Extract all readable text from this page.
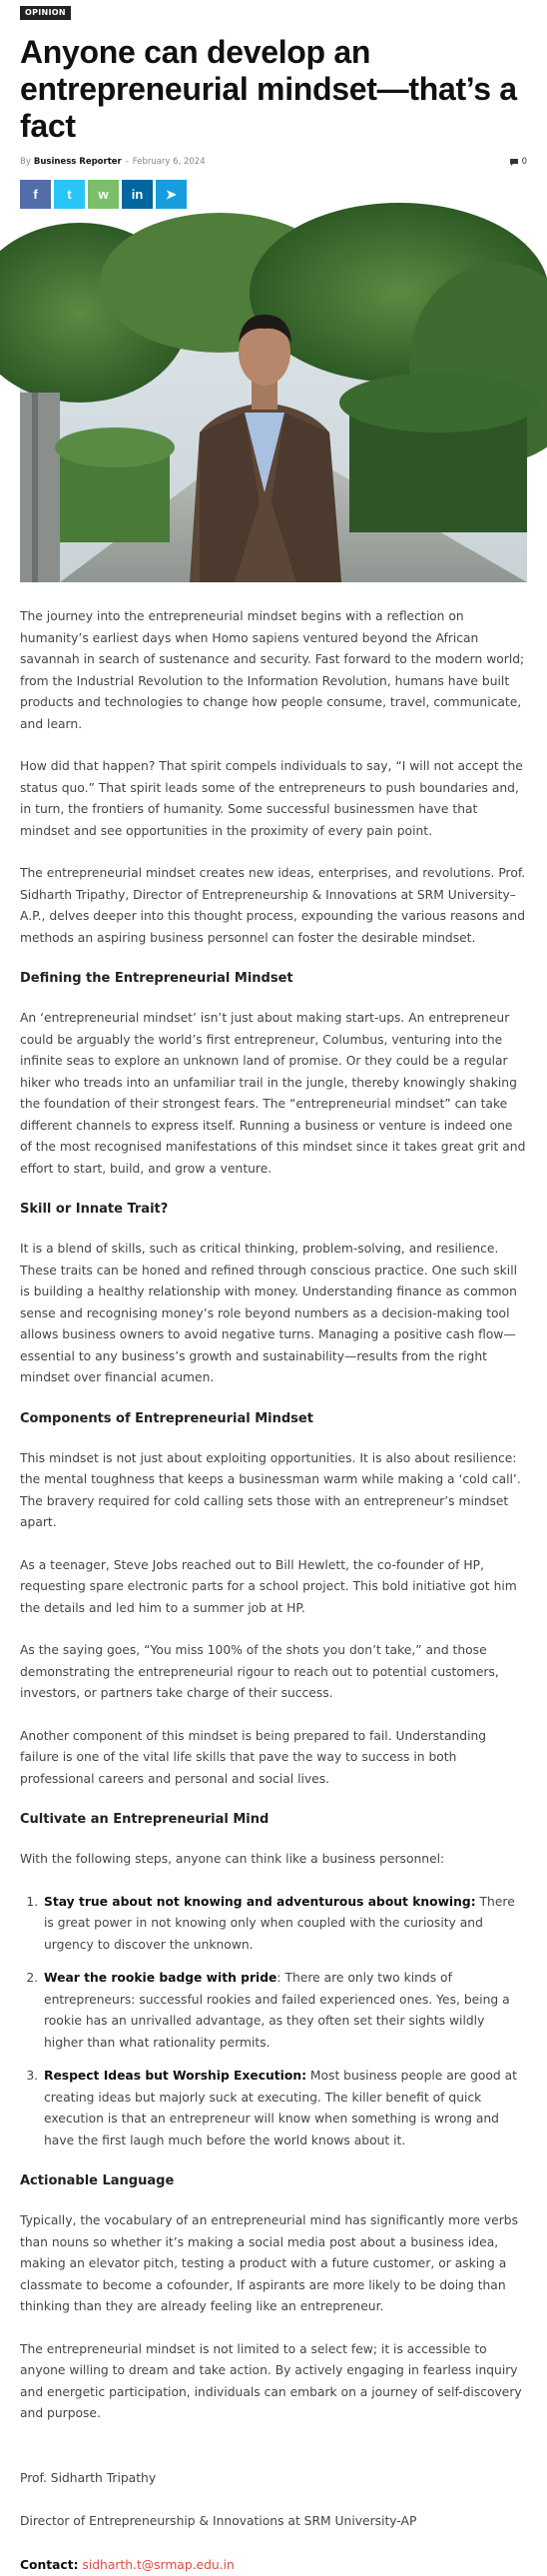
OPINION
Anyone can develop an entrepreneurial mindset—that’s a fact
By Business Reporter - February 6, 2024	0
f t w in ➤

The journey into the entrepreneurial mindset begins with a reflection on humanity’s earliest days when Homo sapiens ventured beyond the African savannah in search of sustenance and security. Fast forward to the modern world; from the Industrial Revolution to the Information Revolution, humans have built products and technologies to change how people consume, travel, communicate, and learn.

How did that happen? That spirit compels individuals to say, “I will not accept the status quo.” That spirit leads some of the entrepreneurs to push boundaries and, in turn, the frontiers of humanity. Some successful businessmen have that mindset and see opportunities in the proximity of every pain point.

The entrepreneurial mindset creates new ideas, enterprises, and revolutions. Prof. Sidharth Tripathy, Director of Entrepreneurship & Innovations at SRM University– A.P., delves deeper into this thought process, expounding the various reasons and methods an aspiring business personnel can foster the desirable mindset.

Defining the Entrepreneurial Mindset

An ‘entrepreneurial mindset’ isn’t just about making start-ups. An entrepreneur could be arguably the world’s first entrepreneur, Columbus, venturing into the infinite seas to explore an unknown land of promise. Or they could be a regular hiker who treads into an unfamiliar trail in the jungle, thereby knowingly shaking the foundation of their strongest fears. The “entrepreneurial mindset” can take different channels to express itself. Running a business or venture is indeed one of the most recognised manifestations of this mindset since it takes great grit and effort to start, build, and grow a venture.

Skill or Innate Trait?

It is a blend of skills, such as critical thinking, problem-solving, and resilience. These traits can be honed and refined through conscious practice. One such skill is building a healthy relationship with money. Understanding finance as common sense and recognising money’s role beyond numbers as a decision-making tool allows business owners to avoid negative turns. Managing a positive cash flow—essential to any business’s growth and sustainability—results from the right mindset over financial acumen.

Components of Entrepreneurial Mindset

This mindset is not just about exploiting opportunities. It is also about resilience: the mental toughness that keeps a businessman warm while making a ‘cold call’. The bravery required for cold calling sets those with an entrepreneur’s mindset apart.

As a teenager, Steve Jobs reached out to Bill Hewlett, the co-founder of HP, requesting spare electronic parts for a school project. This bold initiative got him the details and led him to a summer job at HP.

As the saying goes, “You miss 100% of the shots you don’t take,” and those demonstrating the entrepreneurial rigour to reach out to potential customers, investors, or partners take charge of their success.

Another component of this mindset is being prepared to fail. Understanding failure is one of the vital life skills that pave the way to success in both professional careers and personal and social lives.

Cultivate an Entrepreneurial Mind

With the following steps, anyone can think like a business personnel:

1. Stay true about not knowing and adventurous about knowing: There is great power in not knowing only when coupled with the curiosity and urgency to discover the unknown.
2. Wear the rookie badge with pride: There are only two kinds of entrepreneurs: successful rookies and failed experienced ones. Yes, being a rookie has an unrivalled advantage, as they often set their sights wildly higher than what rationality permits.
3. Respect Ideas but Worship Execution: Most business people are good at creating ideas but majorly suck at executing. The killer benefit of quick execution is that an entrepreneur will know when something is wrong and have the first laugh much before the world knows about it.
Actionable Language

Typically, the vocabulary of an entrepreneurial mind has significantly more verbs than nouns so whether it’s making a social media post about a business idea, making an elevator pitch, testing a product with a future customer, or asking a classmate to become a cofounder, If aspirants are more likely to be doing than thinking than they are already feeling like an entrepreneur.

The entrepreneurial mindset is not limited to a select few; it is accessible to anyone willing to dream and take action. By actively engaging in fearless inquiry and energetic participation, individuals can embark on a journey of self-discovery and purpose.

Prof. Sidharth Tripathy

Director of Entrepreneurship & Innovations at SRM University-AP

Contact: sidharth.t@srmap.edu.in
